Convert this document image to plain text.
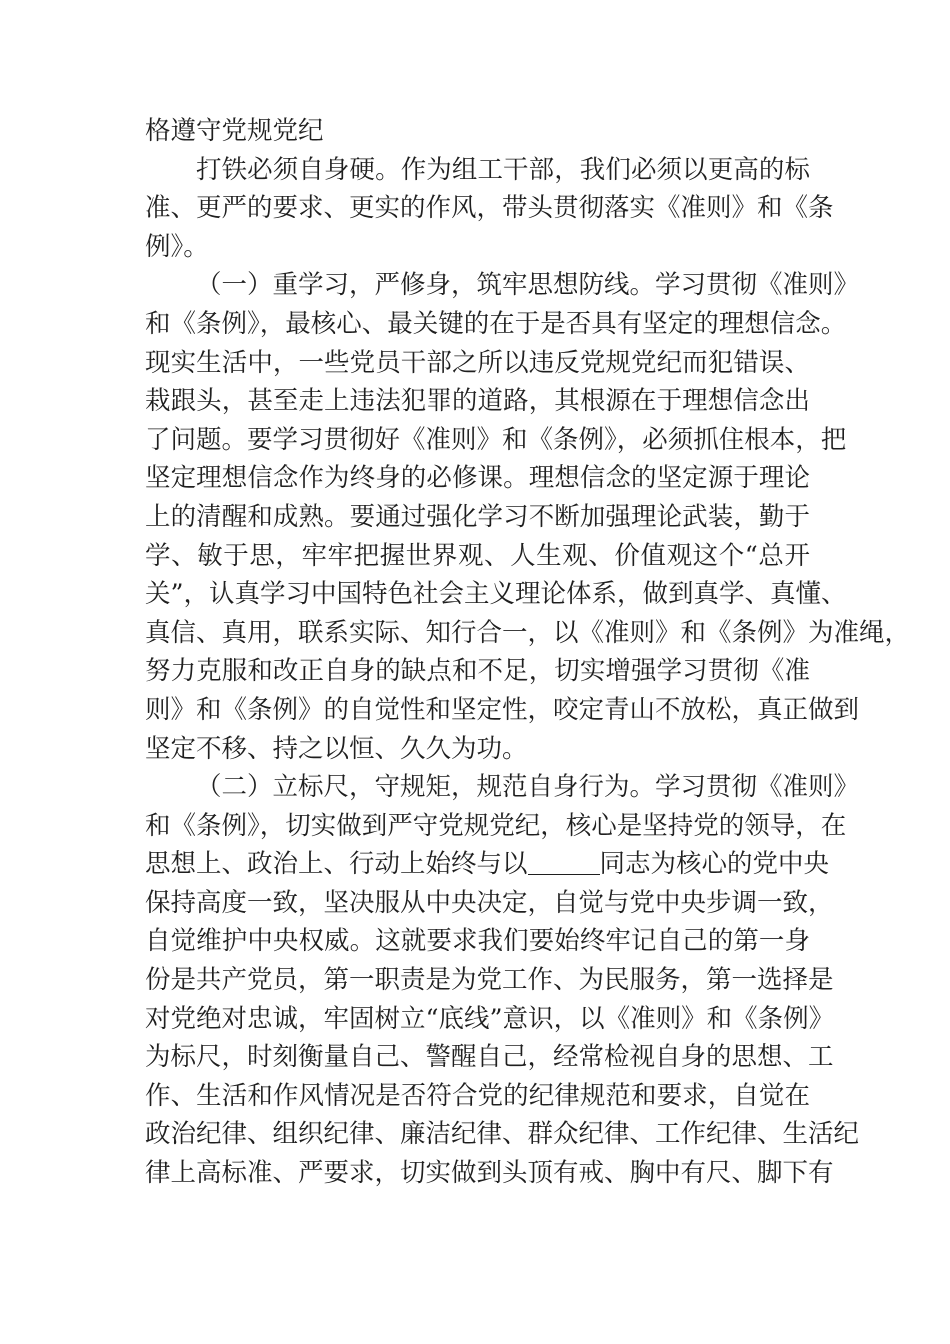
格遵守党规党纪
打铁必须自身硬。作为组工干部，我们必须以更高的标
准、更严的要求、更实的作风，带头贯彻落实《准则》和《条
例》。
（一）重学习，严修身，筑牢思想防线。学习贯彻《准则》
和《条例》，最核心、最关键的在于是否具有坚定的理想信念。
现实生活中，一些党员干部之所以违反党规党纪而犯错误、
栽跟头，甚至走上违法犯罪的道路，其根源在于理想信念出
了问题。要学习贯彻好《准则》和《条例》，必须抓住根本，把
坚定理想信念作为终身的必修课。理想信念的坚定源于理论
上的清醒和成熟。要通过强化学习不断加强理论武装，勤于
学、敏于思，牢牢把握世界观、人生观、价值观这个“总开
关”，认真学习中国特色社会主义理论体系，做到真学、真懂、
真信、真用，联系实际、知行合一，以《准则》和《条例》为准绳，
努力克服和改正自身的缺点和不足，切实增强学习贯彻《准
则》和《条例》的自觉性和坚定性，咬定青山不放松，真正做到
坚定不移、持之以恒、久久为功。
（二）立标尺，守规矩，规范自身行为。学习贯彻《准则》
和《条例》，切实做到严守党规党纪，核心是坚持党的领导，在
思想上、政治上、行动上始终与以	同志为核心的党中央
保持高度一致，坚决服从中央决定，自觉与党中央步调一致，
自觉维护中央权威。这就要求我们要始终牢记自己的第一身
份是共产党员，第一职责是为党工作、为民服务，第一选择是
对党绝对忠诚，牢固树立“底线”意识，以《准则》和《条例》
为标尺，时刻衡量自己、警醒自己，经常检视自身的思想、工
作、生活和作风情况是否符合党的纪律规范和要求，自觉在
政治纪律、组织纪律、廉洁纪律、群众纪律、工作纪律、生活纪
律上高标准、严要求，切实做到头顶有戒、胸中有尺、脚下有
